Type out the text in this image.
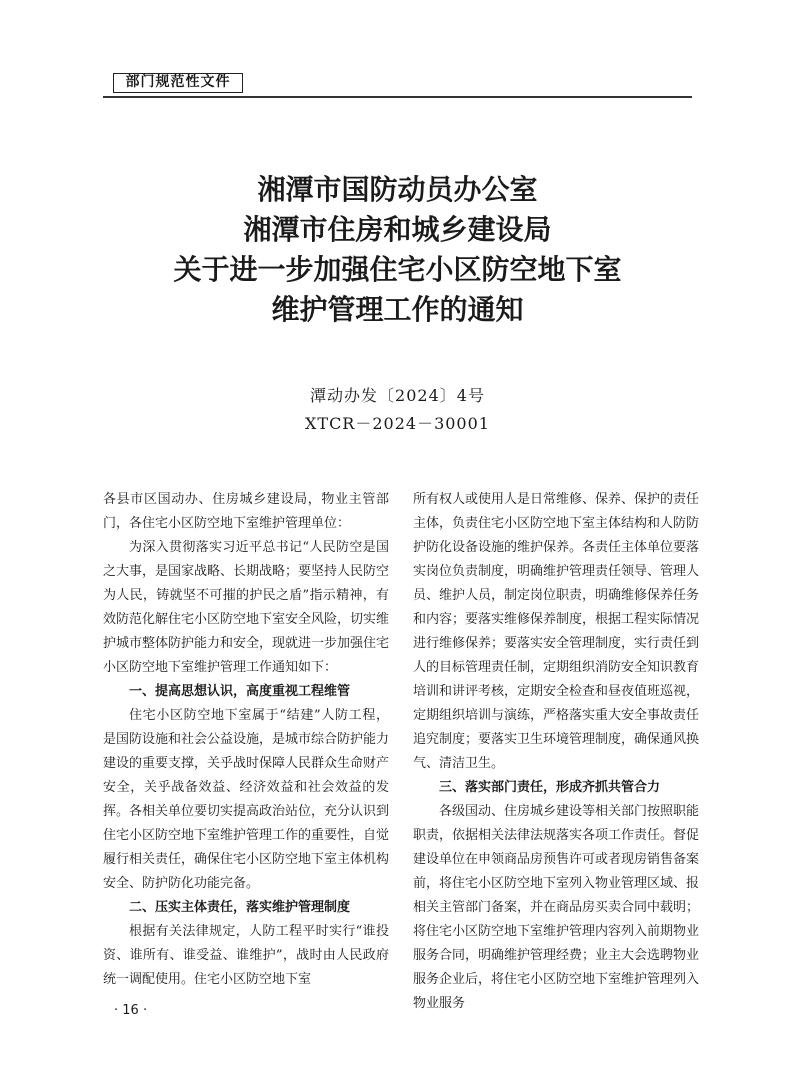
部门规范性文件
湘潭市国防动员办公室
湘潭市住房和城乡建设局
关于进一步加强住宅小区防空地下室
维护管理工作的通知
潭动办发〔2024〕4号
XTCR－2024－30001

各县市区国动办、住房城乡建设局，物业主管部门，各住宅小区防空地下室维护管理单位：

为深入贯彻落实习近平总书记“人民防空是国之大事，是国家战略、长期战略；要坚持人民防空为人民，铸就坚不可摧的护民之盾”指示精神，有效防范化解住宅小区防空地下室安全风险，切实维护城市整体防护能力和安全，现就进一步加强住宅小区防空地下室维护管理工作通知如下：

一、提高思想认识，高度重视工程维管

住宅小区防空地下室属于“结建”人防工程，是国防设施和社会公益设施，是城市综合防护能力建设的重要支撑，关乎战时保障人民群众生命财产安全，关乎战备效益、经济效益和社会效益的发挥。各相关单位要切实提高政治站位，充分认识到住宅小区防空地下室维护管理工作的重要性，自觉履行相关责任，确保住宅小区防空地下室主体机构安全、防护防化功能完备。

二、压实主体责任，落实维护管理制度

根据有关法律规定，人防工程平时实行“谁投资、谁所有、谁受益、谁维护”，战时由人民政府统一调配使用。住宅小区防空地下室

所有权人或使用人是日常维修、保养、保护的责任主体，负责住宅小区防空地下室主体结构和人防防护防化设备设施的维护保养。各责任主体单位要落实岗位负责制度，明确维护管理责任领导、管理人员、维护人员，制定岗位职责，明确维修保养任务和内容；要落实维修保养制度，根据工程实际情况进行维修保养；要落实安全管理制度，实行责任到人的目标管理责任制，定期组织消防安全知识教育培训和讲评考核，定期安全检查和昼夜值班巡视，定期组织培训与演练，严格落实重大安全事故责任追究制度；要落实卫生环境管理制度，确保通风换气、清洁卫生。

三、落实部门责任，形成齐抓共管合力

各级国动、住房城乡建设等相关部门按照职能职责，依据相关法律法规落实各项工作责任。督促建设单位在申领商品房预售许可或者现房销售备案前，将住宅小区防空地下室列入物业管理区域、报相关主管部门备案，并在商品房买卖合同中载明；将住宅小区防空地下室维护管理内容列入前期物业服务合同，明确维护管理经费；业主大会选聘物业服务企业后，将住宅小区防空地下室维护管理列入物业服务

· 16 ·
